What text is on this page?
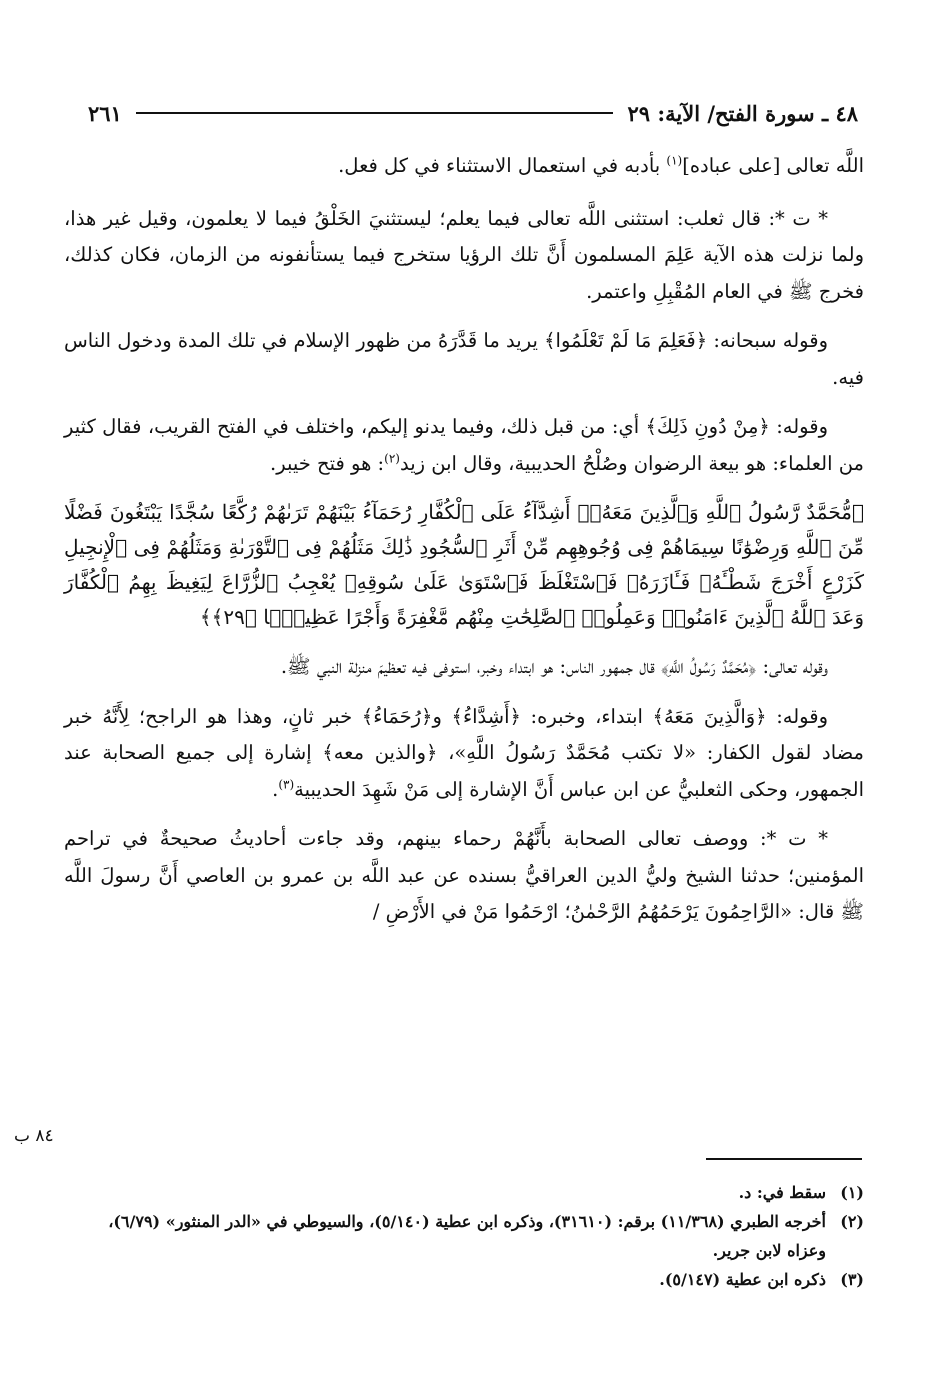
٤٨ ـ سورة الفتح/ الآية: ٢٩
٢٦١

اللَّه تعالى [على عباده]$^{(١)}$ بأدبه في استعمال الاستثناء في كل فعل.

* ت *: قال ثعلب: استثنى اللَّه تعالى فيما يعلم؛ ليستثنيَ الخَلْقُ فيما لا يعلمون، وقيل غير هذا، ولما نزلت هذه الآية عَلِمَ المسلمون أَنَّ تلك الرؤيا ستخرج فيما يستأنفونه من الزمان، فكان كذلك، فخرج ﷺ في العام المُقْبِلِ واعتمر.

وقوله سبحانه: ﴿فَعَلِمَ مَا لَمْ تَعْلَمُوا﴾ يريد ما قَدَّرَهُ من ظهور الإسلام في تلك المدة ودخول الناس فيه.

وقوله: ﴿مِنْ دُونِ ذَلِكَ﴾ أي: من قبل ذلك، وفيما يدنو إليكم، واختلف في الفتح القريب، فقال كثير من العلماء: هو بيعة الرضوان وصُلْحُ الحديبية، وقال ابن زيد$^{(٢)}$: هو فتح خيبر.

﴿مُّحَمَّدٌ رَّسُولُ ٱللَّهِ وَٱلَّذِينَ مَعَهُۥٓ أَشِدَّآءُ عَلَى ٱلْكُفَّارِ رُحَمَآءُ بَيْنَهُمْ تَرَىٰهُمْ رُكَّعًا سُجَّدًا يَبْتَغُونَ فَضْلًا مِّنَ ٱللَّهِ وَرِضْوَٰنًا سِيمَاهُمْ فِى وُجُوهِهِم مِّنْ أَثَرِ ٱلسُّجُودِ ذَٰلِكَ مَثَلُهُمْ فِى ٱلتَّوْرَىٰةِ وَمَثَلُهُمْ فِى ٱلْإِنجِيلِ كَزَرْعٍ أَخْرَجَ شَطْـَٔهُۥ فَـَٔازَرَهُۥ فَٱسْتَغْلَظَ فَٱسْتَوَىٰ عَلَىٰ سُوقِهِۦ يُعْجِبُ ٱلزُّرَّاعَ لِيَغِيظَ بِهِمُ ٱلْكُفَّارَ وَعَدَ ٱللَّهُ ٱلَّذِينَ ءَامَنُوا۟ وَعَمِلُوا۟ ٱلصَّٰلِحَٰتِ مِنْهُم مَّغْفِرَةً وَأَجْرًا عَظِيمًۢا ﴿٢٩﴾﴾

وقوله تعالى: ﴿مُحَمَّدٌ رَسُولُ اللَّهِ﴾ قال جمهور الناس: هو ابتداء وخبر، استوفى فيه تعظيمَ منزلة النبي ﷺ.

وقوله: ﴿وَالَّذِينَ مَعَهُ﴾ ابتداء، وخبره: ﴿أَشِدَّاءُ﴾ و﴿رُحَمَاءُ﴾ خبر ثانٍ، وهذا هو الراجح؛ لِأَنَّهُ خبر مضاد لقول الكفار: «لا تكتب مُحَمَّدٌ رَسُولُ اللَّهِ»، ﴿والذين معه﴾ إشارة إلى جميع الصحابة عند الجمهور، وحكى الثعلبيُّ عن ابن عباس أَنَّ الإشارة إلى مَنْ شَهِدَ الحديبية$^{(٣)}$.

* ت *: ووصف تعالى الصحابة بأَنَّهُمْ رحماء بينهم، وقد جاءت أحاديثُ صحيحةٌ في تراحم المؤمنين؛ حدثنا الشيخ وليُّ الدين العراقيُّ بسنده عن عبد اللَّه بن عمرو بن العاصي أَنَّ رسولَ اللَّه ﷺ قال: «الرَّاحِمُونَ يَرْحَمُهُمُ الرَّحْمٰنُ؛ ارْحَمُوا مَنْ في الأَرْضِ /

٨٤ ب
(١)
سقط في: د.
(٢)
أخرجه الطبري (١١/٣٦٨) برقم: (٣١٦١٠)، وذكره ابن عطية (٥/١٤٠)، والسيوطي في «الدر المنثور» (٦/٧٩)، وعزاه لابن جرير.
(٣)
ذكره ابن عطية (٥/١٤٧).
